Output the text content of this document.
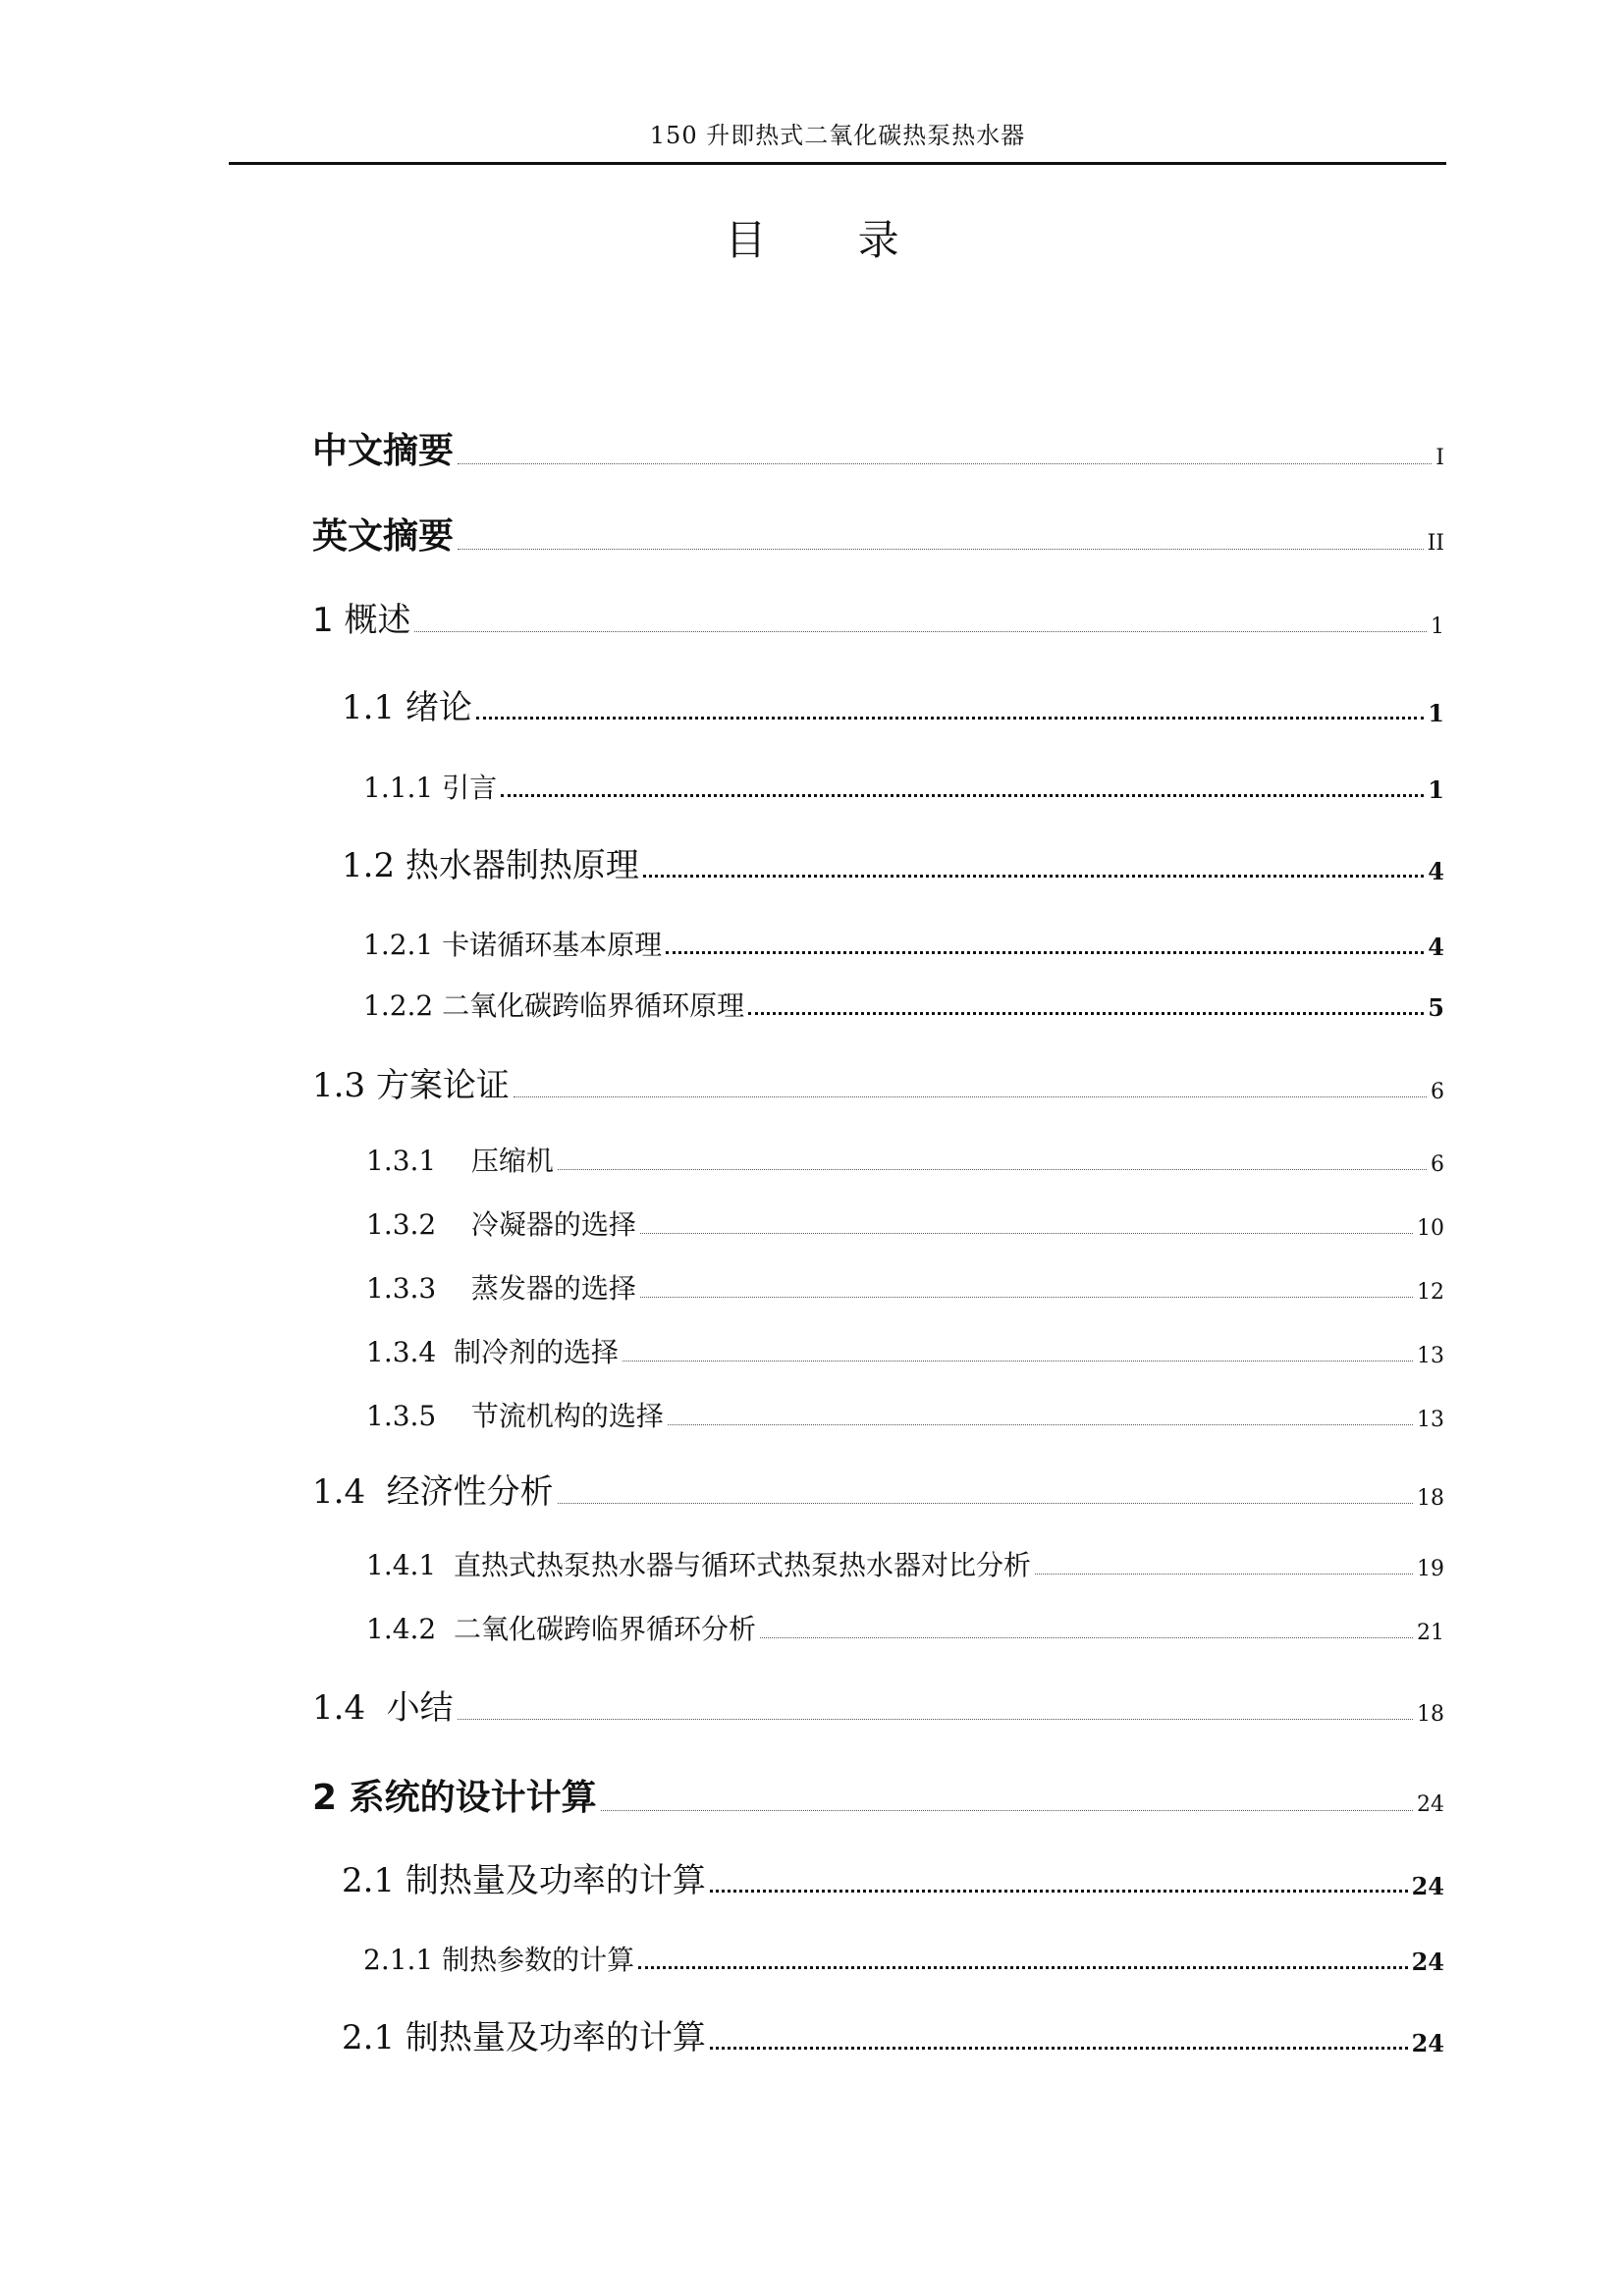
150 升即热式二氧化碳热泵热水器
目 录
中文摘要	I
英文摘要	II
1 概述	1
1.1 绪论	1
1.1.1 引言	1
1.2 热水器制热原理	4
1.2.1 卡诺循环基本原理	4
1.2.2 二氧化碳跨临界循环原理	5
1.3 方案论证	6
1.3.1    压缩机	6
1.3.2    冷凝器的选择	10
1.3.3    蒸发器的选择	12
1.3.4  制冷剂的选择	13
1.3.5    节流机构的选择	13
1.4  经济性分析	18
1.4.1  直热式热泵热水器与循环式热泵热水器对比分析	19
1.4.2  二氧化碳跨临界循环分析	21
1.4  小结	18
2 系统的设计计算	24
2.1 制热量及功率的计算	24
2.1.1 制热参数的计算	24
2.1 制热量及功率的计算	24
